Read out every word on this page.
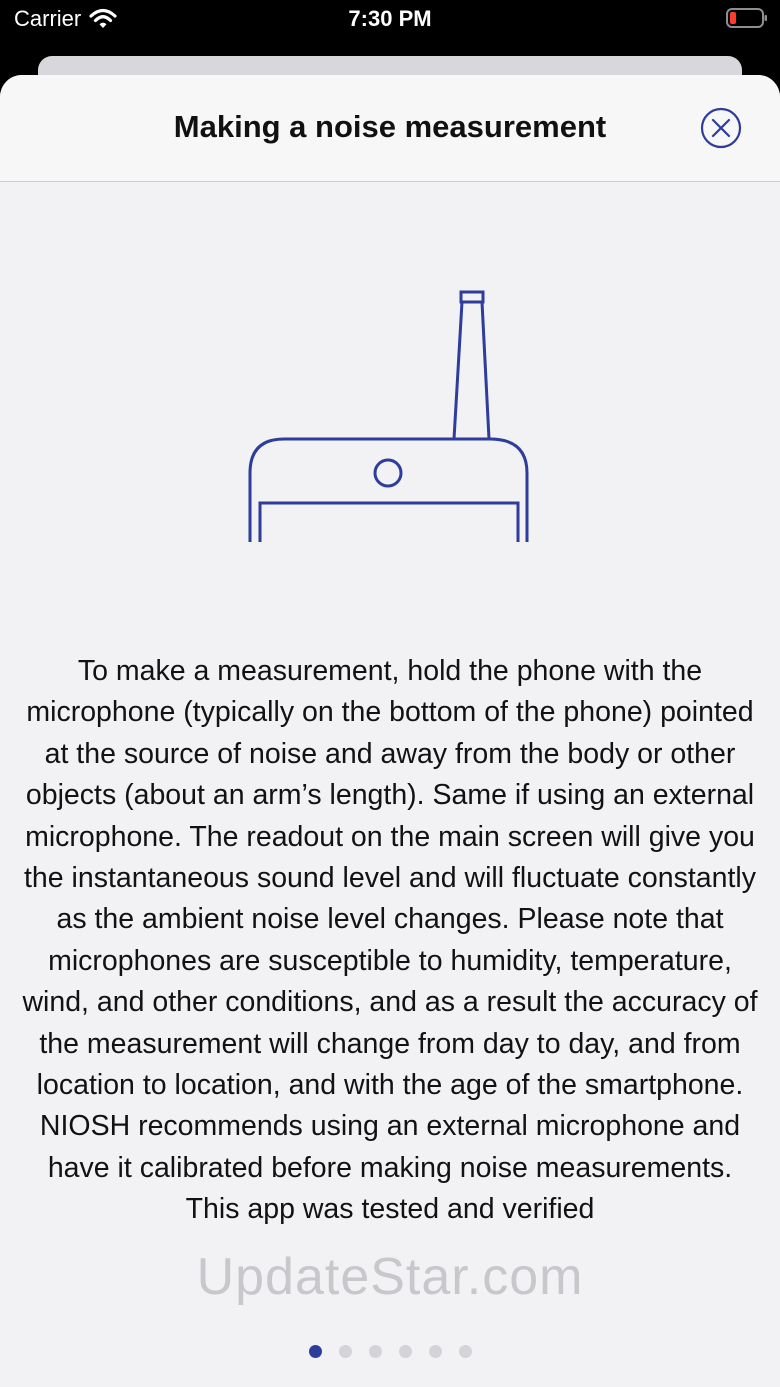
Carrier	7:30 PM
Making a noise measurement

To make a measurement, hold the phone with the microphone (typically on the bottom of the phone) pointed at the source of noise and away from the body or other objects (about an arm’s length). Same if using an external microphone. The readout on the main screen will give you the instantaneous sound level and will fluctuate constantly as the ambient noise level changes. Please note that microphones are susceptible to humidity, temperature, wind, and other conditions, and as a result the accuracy of the measurement will change from day to day, and from location to location, and with the age of the smartphone. NIOSH recommends using an external microphone and have it calibrated before making noise measurements. This app was tested and verified

UpdateStar.com
